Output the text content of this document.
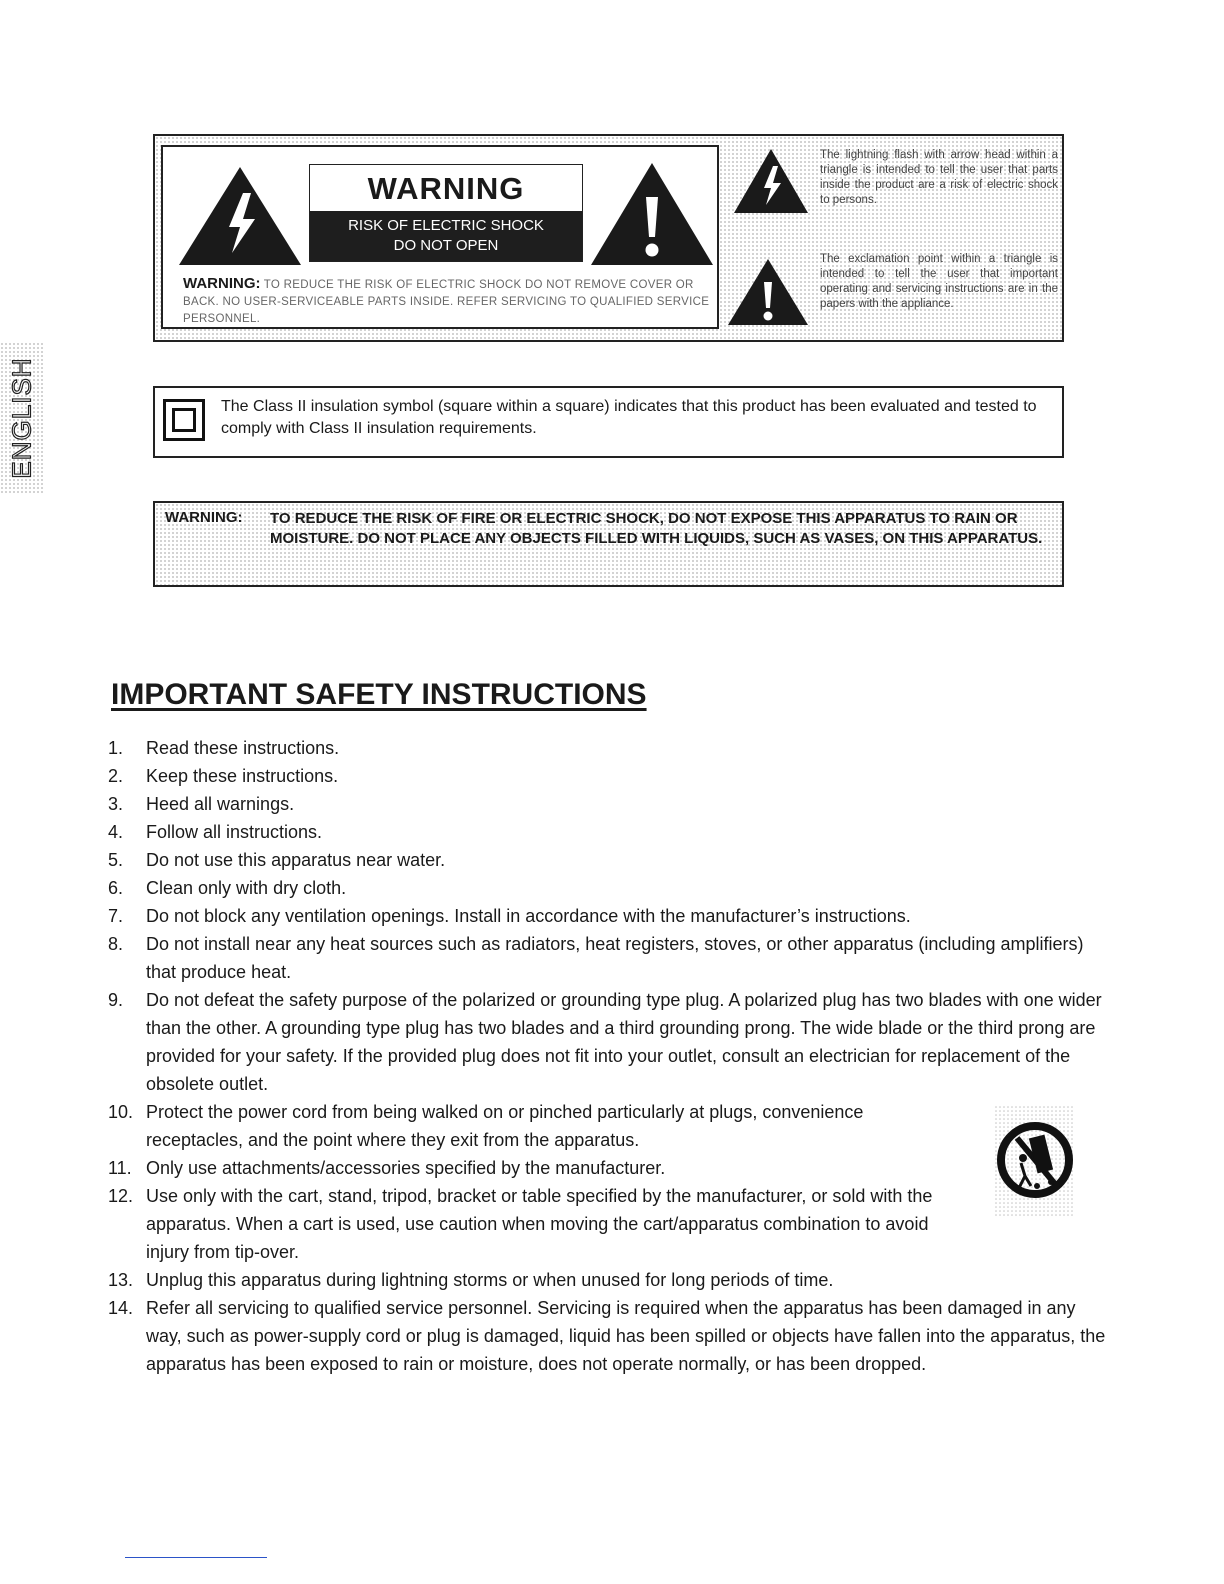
WARNING
RISK OF ELECTRIC SHOCK
DO NOT OPEN
WARNING: TO REDUCE THE RISK OF ELECTRIC SHOCK DO NOT REMOVE COVER OR BACK. NO USER-SERVICEABLE PARTS INSIDE. REFER SERVICING TO QUALIFIED SERVICE PERSONNEL.
The lightning flash with arrow head within a triangle is intended to tell the user that parts inside the product are a risk of electric shock to persons.
The exclamation point within a triangle is intended to tell the user that important operating and servicing instructions are in the papers with the appliance.
ENGLISH	The Class II insulation symbol (square within a square) indicates that this product has been evaluated and tested to comply with Class II insulation requirements.
WARNING: TO REDUCE THE RISK OF FIRE OR ELECTRIC SHOCK, DO NOT EXPOSE THIS APPARATUS TO RAIN OR MOISTURE. DO NOT PLACE ANY OBJECTS FILLED WITH LIQUIDS, SUCH AS VASES, ON THIS APPARATUS.
IMPORTANT SAFETY INSTRUCTIONS
1. Read these instructions.
2. Keep these instructions.
3. Heed all warnings.
4. Follow all instructions.
5. Do not use this apparatus near water.
6. Clean only with dry cloth.
7. Do not block any ventilation openings. Install in accordance with the manufacturer’s instructions.
8. Do not install near any heat sources such as radiators, heat registers, stoves, or other apparatus (including amplifiers) that produce heat.
9. Do not defeat the safety purpose of the polarized or grounding type plug. A polarized plug has two blades with one wider than the other. A grounding type plug has two blades and a third grounding prong. The wide blade or the third prong are provided for your safety. If the provided plug does not fit into your outlet, consult an electrician for replacement of the obsolete outlet.
10. Protect the power cord from being walked on or pinched particularly at plugs, convenience receptacles, and the point where they exit from the apparatus.
11. Only use attachments/accessories specified by the manufacturer.
12. Use only with the cart, stand, tripod, bracket or table specified by the manufacturer, or sold with the apparatus. When a cart is used, use caution when moving the cart/apparatus combination to avoid injury from tip-over.
13. Unplug this apparatus during lightning storms or when unused for long periods of time.
14. Refer all servicing to qualified service personnel. Servicing is required when the apparatus has been damaged in any way, such as power-supply cord or plug is damaged, liquid has been spilled or objects have fallen into the apparatus, the apparatus has been exposed to rain or moisture, does not operate normally, or has been dropped.
